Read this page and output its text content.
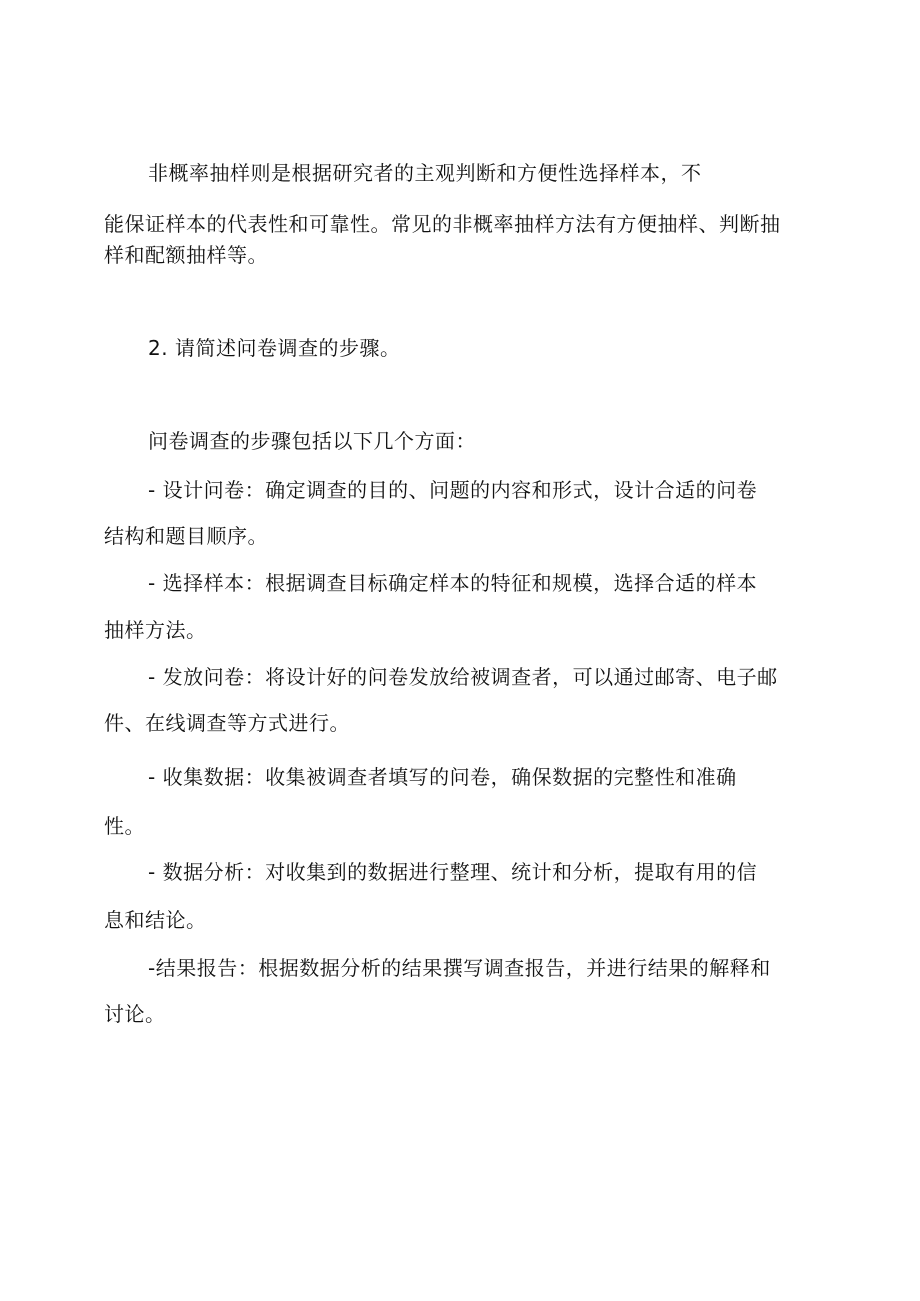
非概率抽样则是根据研究者的主观判断和方便性选择样本，不
能保证样本的代表性和可靠性。常见的非概率抽样方法有方便抽样、判断抽
样和配额抽样等。
2. 请简述问卷调查的步骤。
问卷调查的步骤包括以下几个方面：
- 设计问卷：确定调查的目的、问题的内容和形式，设计合适的问卷
结构和题目顺序。
- 选择样本：根据调查目标确定样本的特征和规模，选择合适的样本
抽样方法。
- 发放问卷：将设计好的问卷发放给被调查者，可以通过邮寄、电子邮
件、在线调查等方式进行。
- 收集数据：收集被调查者填写的问卷，确保数据的完整性和准确
性。
- 数据分析：对收集到的数据进行整理、统计和分析，提取有用的信
息和结论。
-结果报告：根据数据分析的结果撰写调查报告，并进行结果的解释和
讨论。
